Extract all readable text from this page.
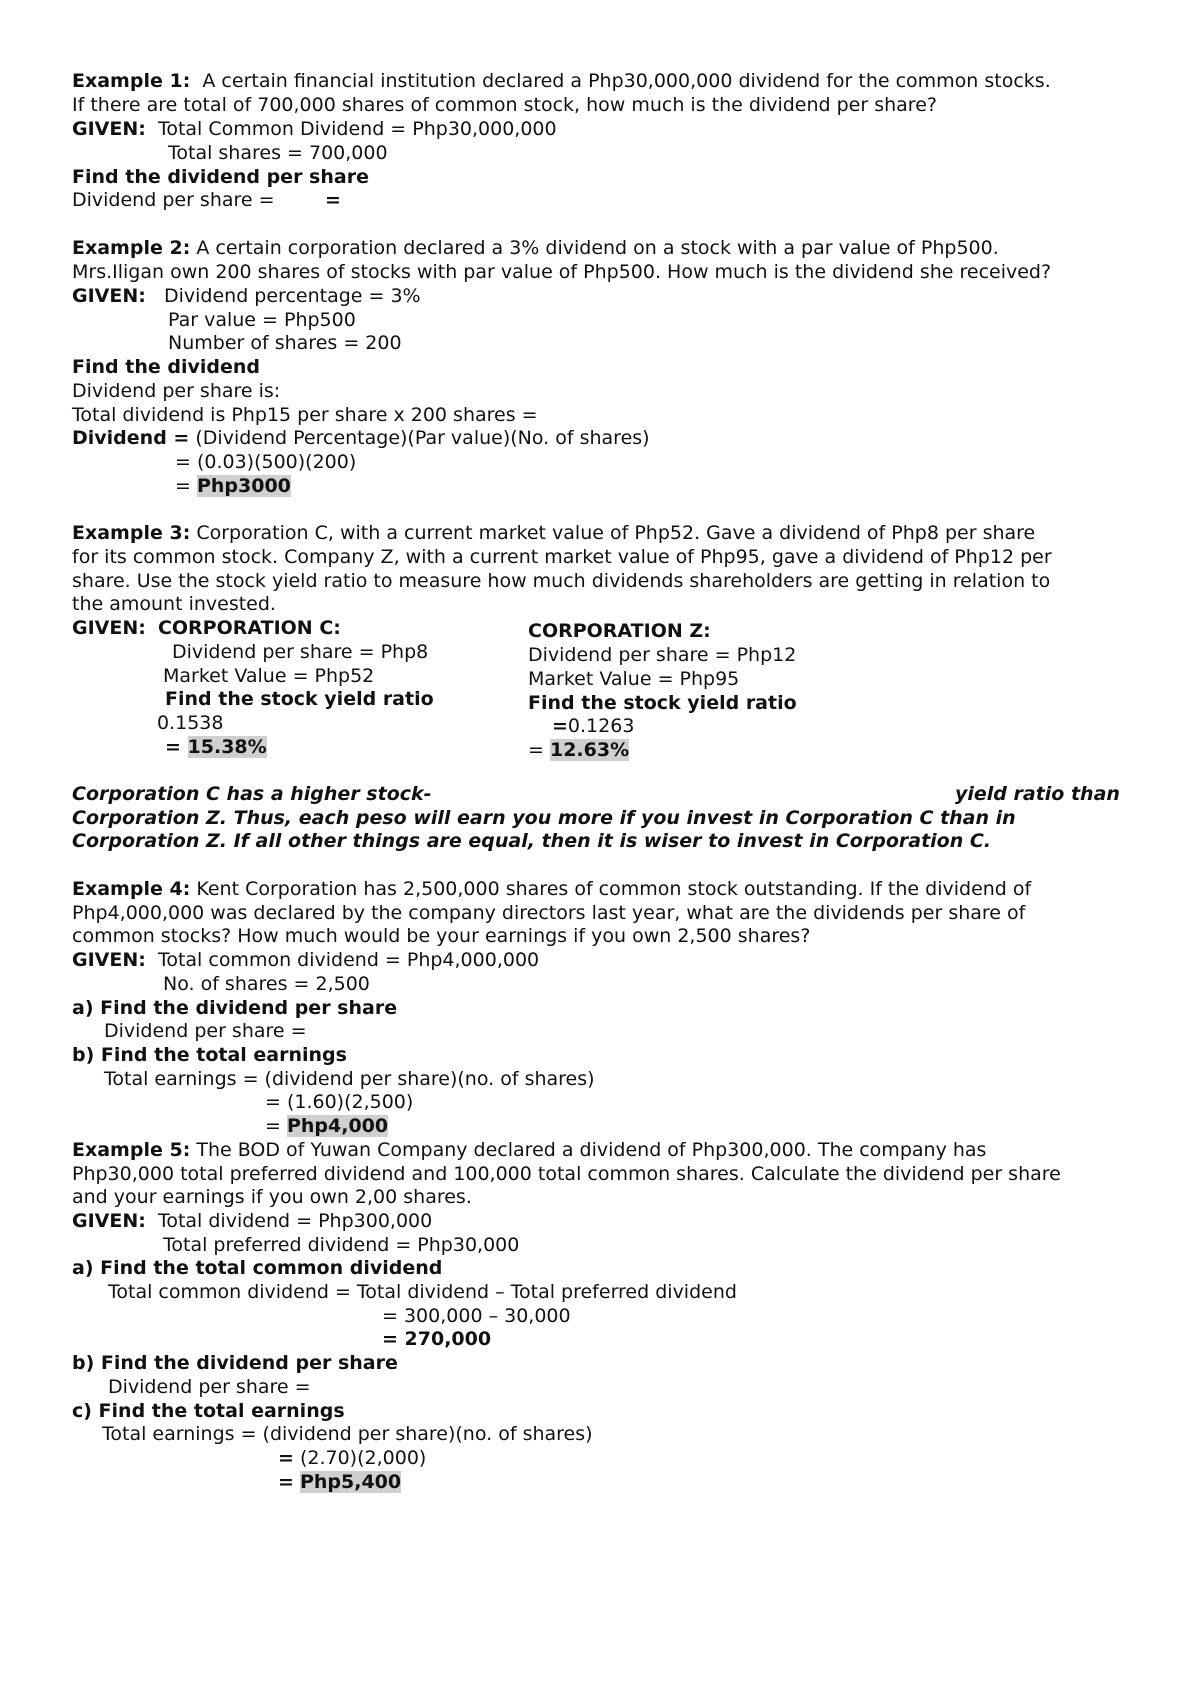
Example 1: A certain financial institution declared a Php30,000,000 dividend for the common stocks.
If there are total of 700,000 shares of common stock, how much is the dividend per share?
GIVEN: Total Common Dividend = Php30,000,000
Total shares = 700,000
Find the dividend per share
Dividend per share =	=
Example 2: A certain corporation declared a 3% dividend on a stock with a par value of Php500.
Mrs.Iligan own 200 shares of stocks with par value of Php500. How much is the dividend she received?
GIVEN: Dividend percentage = 3%
Par value = Php500
Number of shares = 200
Find the dividend
Dividend per share is:
Total dividend is Php15 per share x 200 shares =
Dividend = (Dividend Percentage)(Par value)(No. of shares)
= (0.03)(500)(200)
= Php3000
Example 3: Corporation C, with a current market value of Php52. Gave a dividend of Php8 per share
for its common stock. Company Z, with a current market value of Php95, gave a dividend of Php12 per
share. Use the stock yield ratio to measure how much dividends shareholders are getting in relation to
the amount invested.
GIVEN: CORPORATION C:
Dividend per share = Php8
Market Value = Php52
Find the stock yield ratio
0.1538
= 15.38%
CORPORATION Z:
Dividend per share = Php12
Market Value = Php95
Find the stock yield ratio
=0.1263
= 12.63%
Corporation C has a higher stock-	yield ratio than
Corporation Z. Thus, each peso will earn you more if you invest in Corporation C than in
Corporation Z. If all other things are equal, then it is wiser to invest in Corporation C.
Example 4: Kent Corporation has 2,500,000 shares of common stock outstanding. If the dividend of
Php4,000,000 was declared by the company directors last year, what are the dividends per share of
common stocks? How much would be your earnings if you own 2,500 shares?
GIVEN: Total common dividend = Php4,000,000
No. of shares = 2,500
a) Find the dividend per share
Dividend per share =
b) Find the total earnings
Total earnings = (dividend per share)(no. of shares)
= (1.60)(2,500)
= Php4,000
Example 5: The BOD of Yuwan Company declared a dividend of Php300,000. The company has
Php30,000 total preferred dividend and 100,000 total common shares. Calculate the dividend per share
and your earnings if you own 2,00 shares.
GIVEN: Total dividend = Php300,000
Total preferred dividend = Php30,000
a) Find the total common dividend
Total common dividend = Total dividend – Total preferred dividend
= 300,000 – 30,000
= 270,000
b) Find the dividend per share
Dividend per share =
c) Find the total earnings
Total earnings = (dividend per share)(no. of shares)
= (2.70)(2,000)
= Php5,400
